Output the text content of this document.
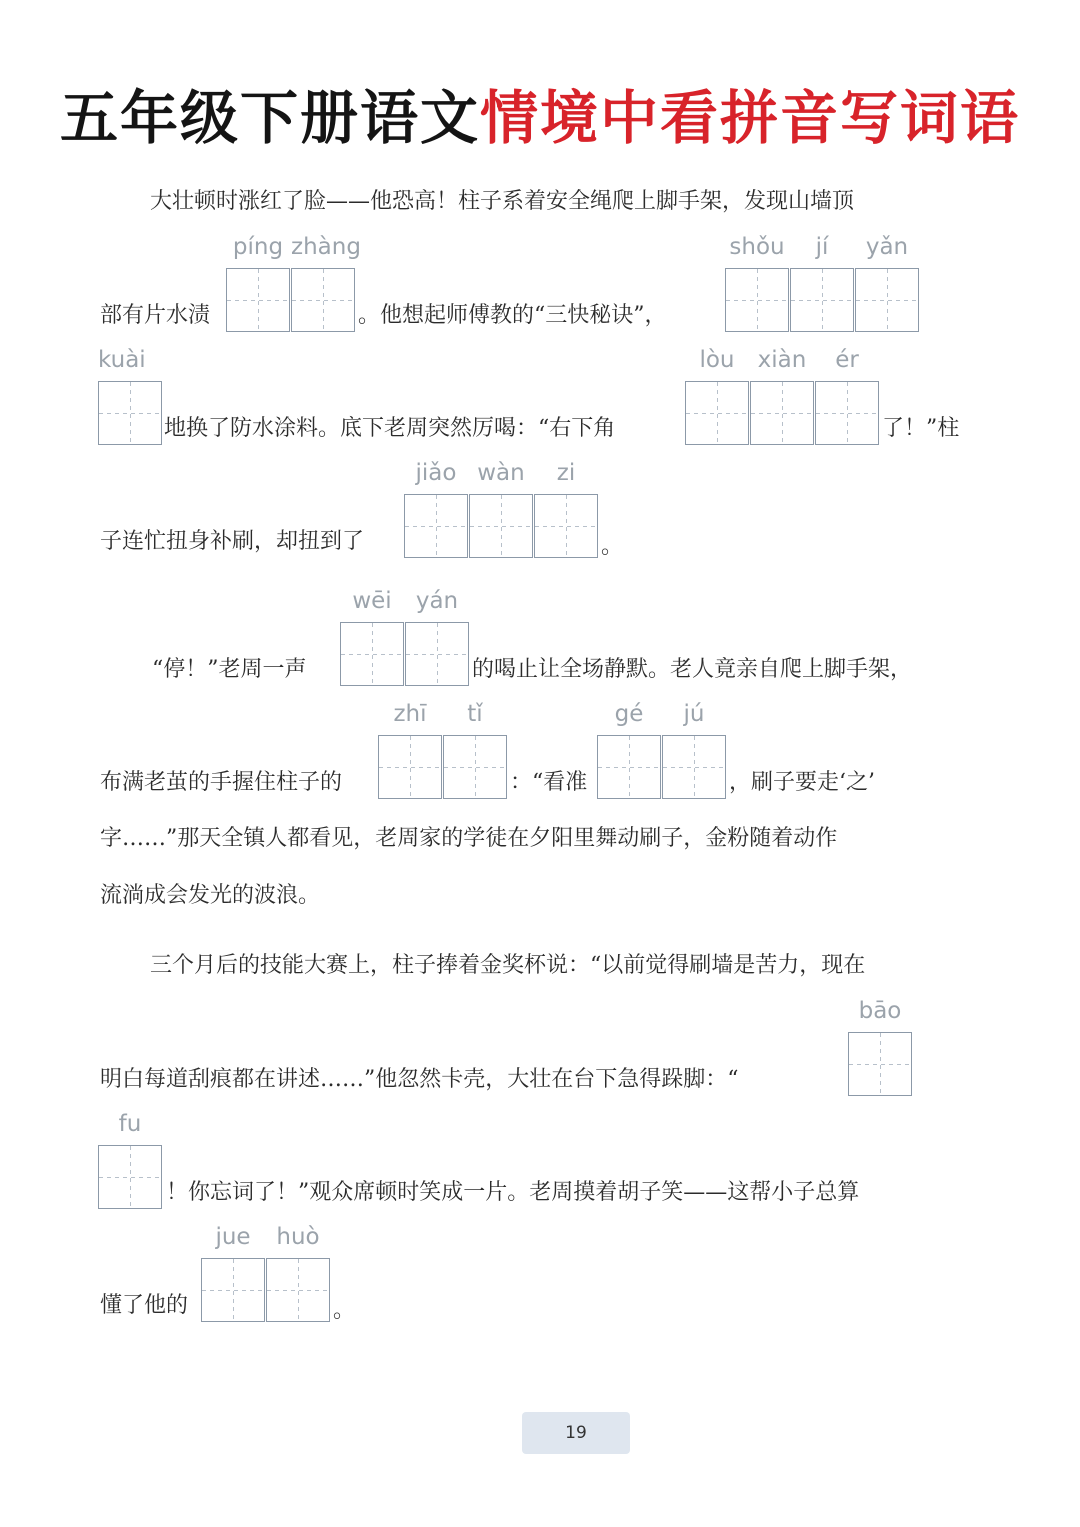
五年级下册语文情境中看拼音写词语
大壮顿时涨红了脸——他恐高！柱子系着安全绳爬上脚手架，发现山墙顶
píng zhàng	shǒu	jí	yǎn
部有片水渍	。他想起师傅教的“三快秘诀”，
kuài	lòu	xiàn	ér
地换了防水涂料。底下老周突然厉喝：“右下角	了！”柱
jiǎo wàn	zi
子连忙扭身补刷，却扭到了	。
wēi	yán
“停！”老周一声	的喝止让全场静默。老人竟亲自爬上脚手架，
zhī	tǐ	gé	jú
布满老茧的手握住柱子的	：“看准	，刷子要走‘之’
字……”那天全镇人都看见，老周家的学徒在夕阳里舞动刷子，金粉随着动作
流淌成会发光的波浪。
三个月后的技能大赛上，柱子捧着金奖杯说：“以前觉得刷墙是苦力，现在
bāo
明白每道刮痕都在讲述……”他忽然卡壳，大壮在台下急得跺脚：“
fu
！你忘词了！”观众席顿时笑成一片。老周摸着胡子笑——这帮小子总算
jue	huò
懂了他的	。
19
